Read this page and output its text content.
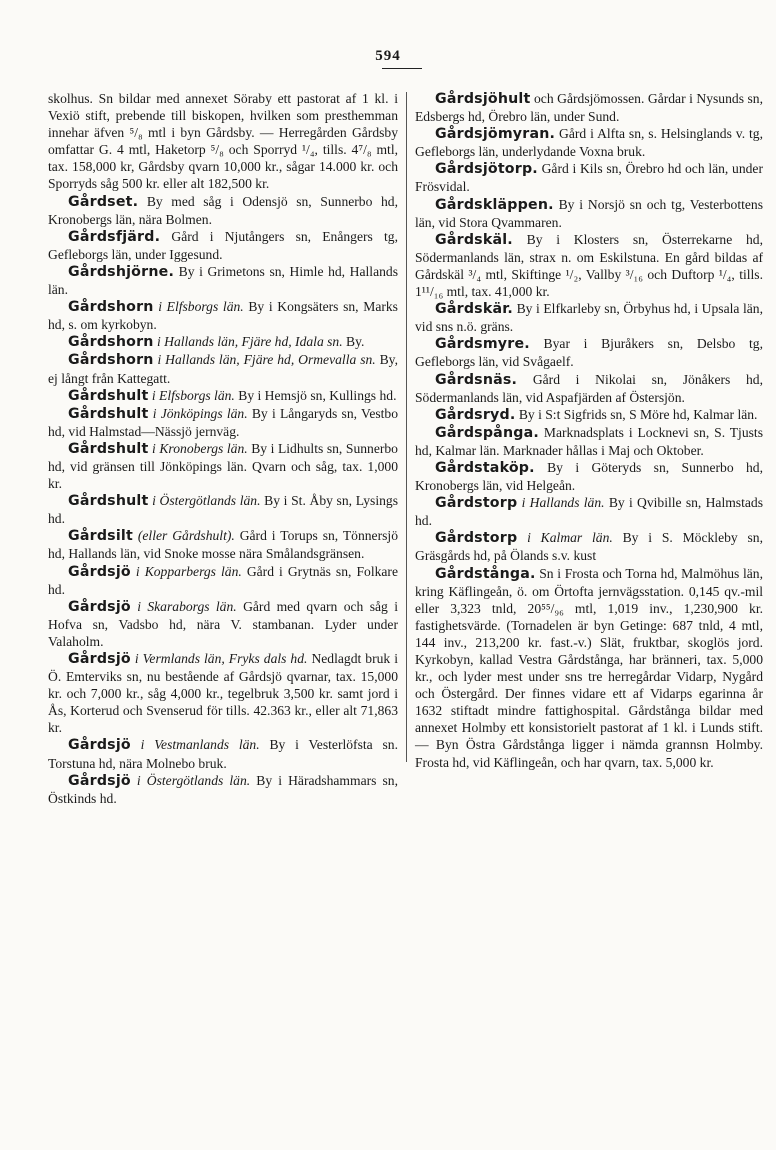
594

skolhus. Sn bildar med annexet Söraby ett pastorat af 1 kl. i Vexiö stift, prebende till biskopen, hvilken som presthemman innehar äfven ⁵/₈ mtl i byn Gårdsby. — Herregården Gårdsby omfattar G. 4 mtl, Haketorp ⁵/₈ och Sporryd ¹/₄, tills. 4⁷/₈ mtl, tax. 158,000 kr, Gårdsby qvarn 10,000 kr., sågar 14.000 kr. och Sporryds såg 500 kr. eller alt 182,500 kr.

Gårdset. By med såg i Odensjö sn, Sunnerbo hd, Kronobergs län, nära Bolmen.

Gårdsfjärd. Gård i Njutångers sn, Enångers tg, Gefleborgs län, under Iggesund.

Gårdshjörne. By i Grimetons sn, Himle hd, Hallands län.

Gårdshorn i Elfsborgs län. By i Kongsäters sn, Marks hd, s. om kyrkobyn.

Gårdshorn i Hallands län, Fjäre hd, Idala sn. By.

Gårdshorn i Hallands län, Fjäre hd, Ormevalla sn. By, ej långt från Kattegatt.

Gårdshult i Elfsborgs län. By i Hemsjö sn, Kullings hd.

Gårdshult i Jönköpings län. By i Långaryds sn, Vestbo hd, vid Halmstad—Nässjö jernväg.

Gårdshult i Kronobergs län. By i Lidhults sn, Sunnerbo hd, vid gränsen till Jönköpings län. Qvarn och såg, tax. 1,000 kr.

Gårdshult i Östergötlands län. By i St. Åby sn, Lysings hd.

Gårdsilt (eller Gårdshult). Gård i Torups sn, Tönnersjö hd, Hallands län, vid Snoke mosse nära Smålandsgränsen.

Gårdsjö i Kopparbergs län. Gård i Grytnäs sn, Folkare hd.

Gårdsjö i Skaraborgs län. Gård med qvarn och såg i Hofva sn, Vadsbo hd, nära V. stambanan. Lyder under Valaholm.

Gårdsjö i Vermlands län, Fryks dals hd. Nedlagdt bruk i Ö. Emterviks sn, nu bestående af Gårdsjö qvarnar, tax. 15,000 kr. och 7,000 kr., såg 4,000 kr., tegelbruk 3,500 kr. samt jord i Ås, Korterud och Svenserud för tills. 42.363 kr., eller alt 71,863 kr.

Gårdsjö i Vestmanlands län. By i Vesterlöfsta sn. Torstuna hd, nära Molnebo bruk.

Gårdsjö i Östergötlands län. By i Häradshammars sn, Östkinds hd.

Gårdsjöhult och Gårdsjömossen. Gårdar i Nysunds sn, Edsbergs hd, Örebro län, under Sund.

Gårdsjömyran. Gård i Alfta sn, s. Helsinglands v. tg, Gefleborgs län, underlydande Voxna bruk.

Gårdsjötorp. Gård i Kils sn, Örebro hd och län, under Frösvidal.

Gårdskläppen. By i Norsjö sn och tg, Vesterbottens län, vid Stora Qvammaren.

Gårdskäl. By i Klosters sn, Österrekarne hd, Södermanlands län, strax n. om Eskilstuna. En gård bildas af Gårdskäl ³/₄ mtl, Skiftinge ¹/₂, Vallby ³/₁₆ och Duftorp ¹/₄, tills. 1¹¹/₁₆ mtl, tax. 41,000 kr.

Gårdskär. By i Elfkarleby sn, Örbyhus hd, i Upsala län, vid sns n.ö. gräns.

Gårdsmyre. Byar i Bjuråkers sn, Delsbo tg, Gefleborgs län, vid Svågaelf.

Gårdsnäs. Gård i Nikolai sn, Jönåkers hd, Södermanlands län, vid Aspafjärden af Östersjön.

Gårdsryd. By i S:t Sigfrids sn, S Möre hd, Kalmar län.

Gårdspånga. Marknadsplats i Locknevi sn, S. Tjusts hd, Kalmar län. Marknader hållas i Maj och Oktober.

Gårdstaköp. By i Göteryds sn, Sunnerbo hd, Kronobergs län, vid Helgeån.

Gårdstorp i Hallands län. By i Qvibille sn, Halmstads hd.

Gårdstorp i Kalmar län. By i S. Möckleby sn, Gräsgårds hd, på Ölands s.v. kust

Gårdstånga. Sn i Frosta och Torna hd, Malmöhus län, kring Käflingeån, ö. om Örtofta jernvägsstation. 0,145 qv.-mil eller 3,323 tnld, 20⁵⁵/₉₆ mtl, 1,019 inv., 1,230,900 kr. fastighetsvärde. (Tornadelen är byn Getinge: 687 tnld, 4 mtl, 144 inv., 213,200 kr. fast.-v.) Slät, fruktbar, skoglös jord. Kyrkobyn, kallad Vestra Gårdstånga, har bränneri, tax. 5,000 kr., och lyder mest under sns tre herregårdar Vidarp, Nygård och Östergård. Der finnes vidare ett af Vidarps egarinna år 1632 stiftadt mindre fattighospital. Gårdstånga bildar med annexet Holmby ett konsistorielt pastorat af 1 kl. i Lunds stift. — Byn Östra Gårdstånga ligger i nämda grannsn Holmby. Frosta hd, vid Käflingeån, och har qvarn, tax. 5,000 kr.
